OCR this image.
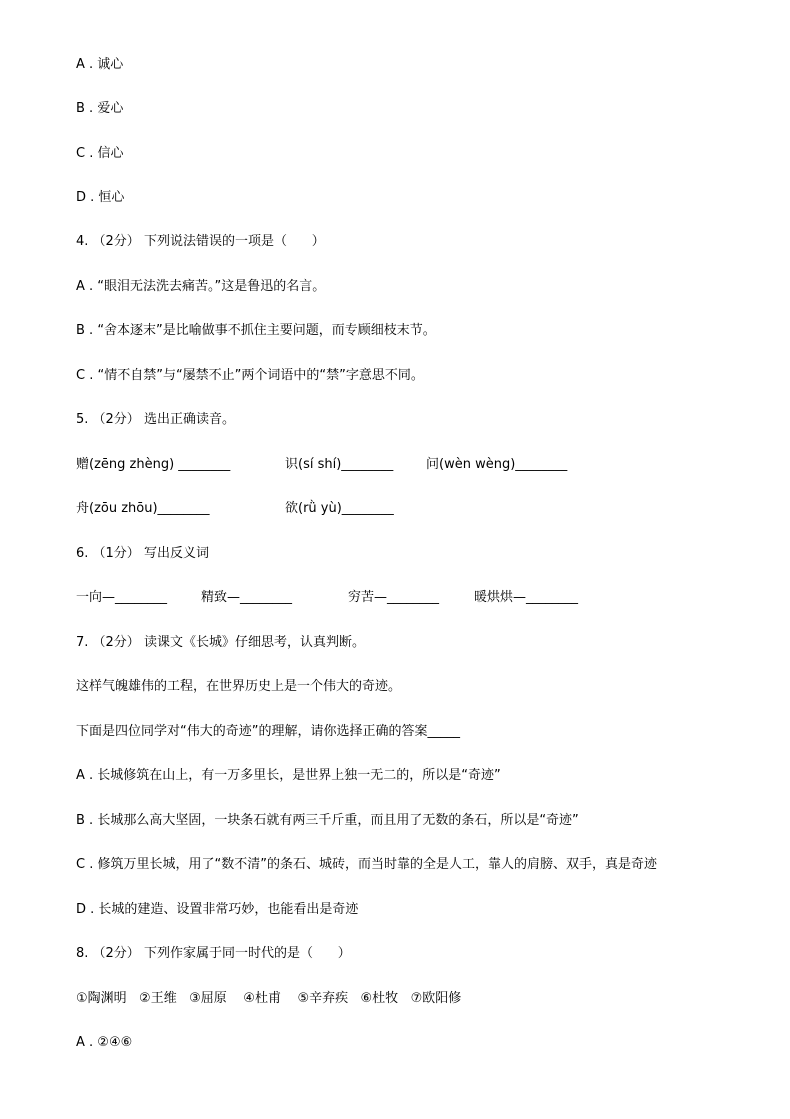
A . 诚心
B . 爱心
C . 信心
D . 恒心
4. （2分） 下列说法错误的一项是（      ）
A . “眼泪无法洗去痛苦。”这是鲁迅的名言。
B . “舍本逐末”是比喻做事不抓住主要问题，而专顾细枝末节。
C . “情不自禁”与“屡禁不止”两个词语中的“禁”字意思不同。
5. （2分） 选出正确读音。
赠(zēng zhèng) ________	识(sí shí)________	问(wèn wèng)________
舟(zōu zhōu)________	欲(rǜ yù)________
6. （1分） 写出反义词
一向—________	精致—________	穷苦—________	暖烘烘—________
7. （2分） 读课文《长城》仔细思考，认真判断。
这样气魄雄伟的工程，在世界历史上是一个伟大的奇迹。
下面是四位同学对“伟大的奇迹”的理解，请你选择正确的答案_____
A . 长城修筑在山上，有一万多里长，是世界上独一无二的，所以是“奇迹”
B . 长城那么高大坚固，一块条石就有两三千斤重，而且用了无数的条石，所以是“奇迹”
C . 修筑万里长城，用了“数不清”的条石、城砖，而当时靠的全是人工，靠人的肩膀、双手，真是奇迹
D . 长城的建造、设置非常巧妙，也能看出是奇迹
8. （2分） 下列作家属于同一时代的是（      ）
①陶渊明   ②王维   ③屈原    ④杜甫    ⑤辛弃疾   ⑥杜牧   ⑦欧阳修
A . ②④⑥
